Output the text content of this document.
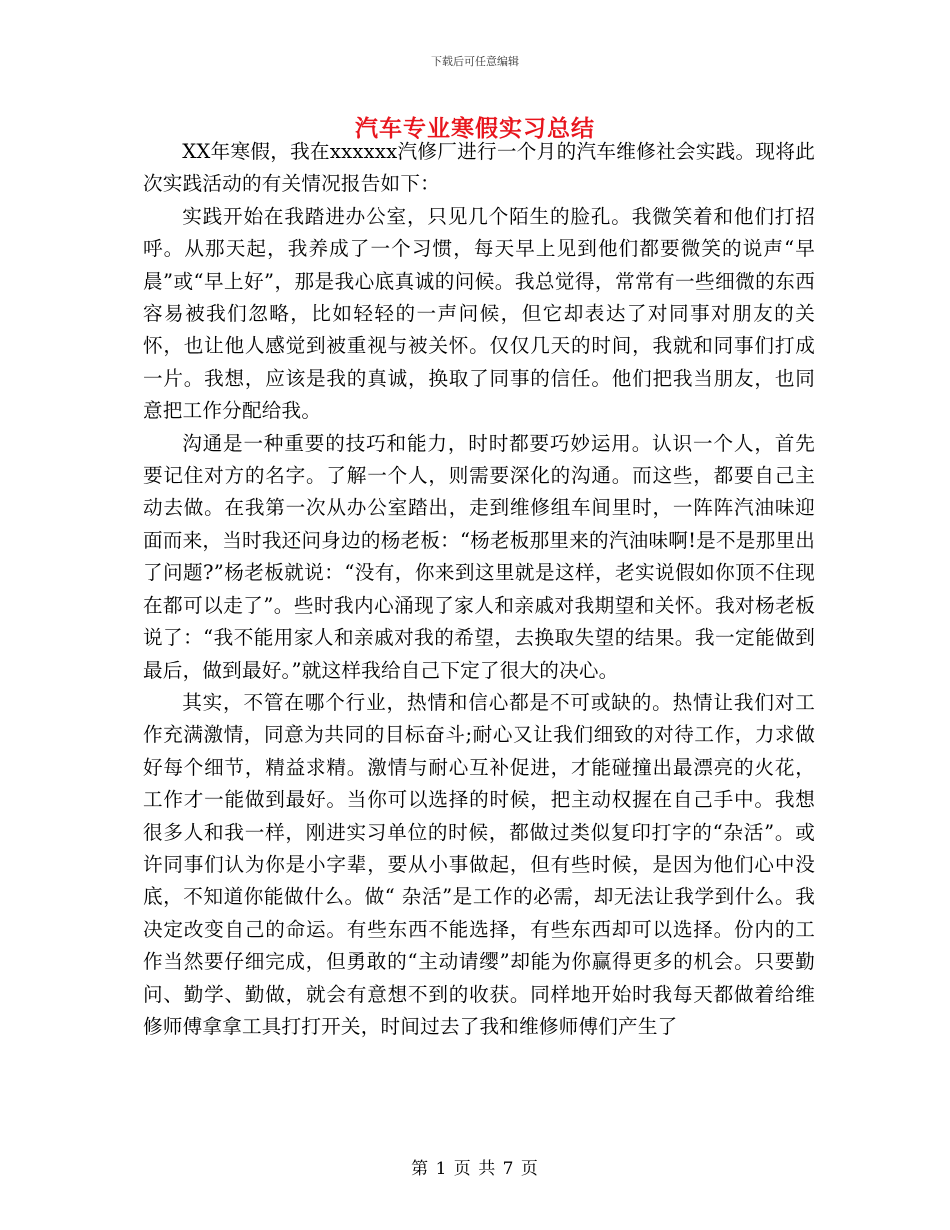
下载后可任意编辑
汽车专业寒假实习总结

XX年寒假，我在xxxxxx汽修厂进行一个月的汽车维修社会实践。现将此次实践活动的有关情况报告如下：

实践开始在我踏进办公室，只见几个陌生的脸孔。我微笑着和他们打招呼。从那天起，我养成了一个习惯，每天早上见到他们都要微笑的说声“早晨”或“早上好”，那是我心底真诚的问候。我总觉得，常常有一些细微的东西容易被我们忽略，比如轻轻的一声问候，但它却表达了对同事对朋友的关怀，也让他人感觉到被重视与被关怀。仅仅几天的时间，我就和同事们打成一片。我想，应该是我的真诚，换取了同事的信任。他们把我当朋友，也同意把工作分配给我。

沟通是一种重要的技巧和能力，时时都要巧妙运用。认识一个人，首先要记住对方的名字。了解一个人，则需要深化的沟通。而这些，都要自己主动去做。在我第一次从办公室踏出，走到维修组车间里时，一阵阵汽油味迎面而来，当时我还问身边的杨老板：“杨老板那里来的汽油味啊!是不是那里出了问题?”杨老板就说：“没有，你来到这里就是这样，老实说假如你顶不住现在都可以走了”。些时我内心涌现了家人和亲戚对我期望和关怀。我对杨老板说了：“我不能用家人和亲戚对我的希望，去换取失望的结果。我一定能做到最后，做到最好。”就这样我给自己下定了很大的决心。

其实，不管在哪个行业，热情和信心都是不可或缺的。热情让我们对工作充满激情，同意为共同的目标奋斗;耐心又让我们细致的对待工作，力求做好每个细节，精益求精。激情与耐心互补促进，才能碰撞出最漂亮的火花，工作才一能做到最好。当你可以选择的时候，把主动权握在自己手中。我想很多人和我一样，刚进实习单位的时候，都做过类似复印打字的“杂活”。或许同事们认为你是小字辈，要从小事做起，但有些时候，是因为他们心中没底，不知道你能做什么。做“ 杂活”是工作的必需，却无法让我学到什么。我决定改变自己的命运。有些东西不能选择，有些东西却可以选择。份内的工作当然要仔细完成，但勇敢的“主动请缨”却能为你赢得更多的机会。只要勤问、勤学、勤做，就会有意想不到的收获。同样地开始时我每天都做着给维修师傅拿拿工具打打开关，时间过去了我和维修师傅们产生了

第 1 页 共 7 页
